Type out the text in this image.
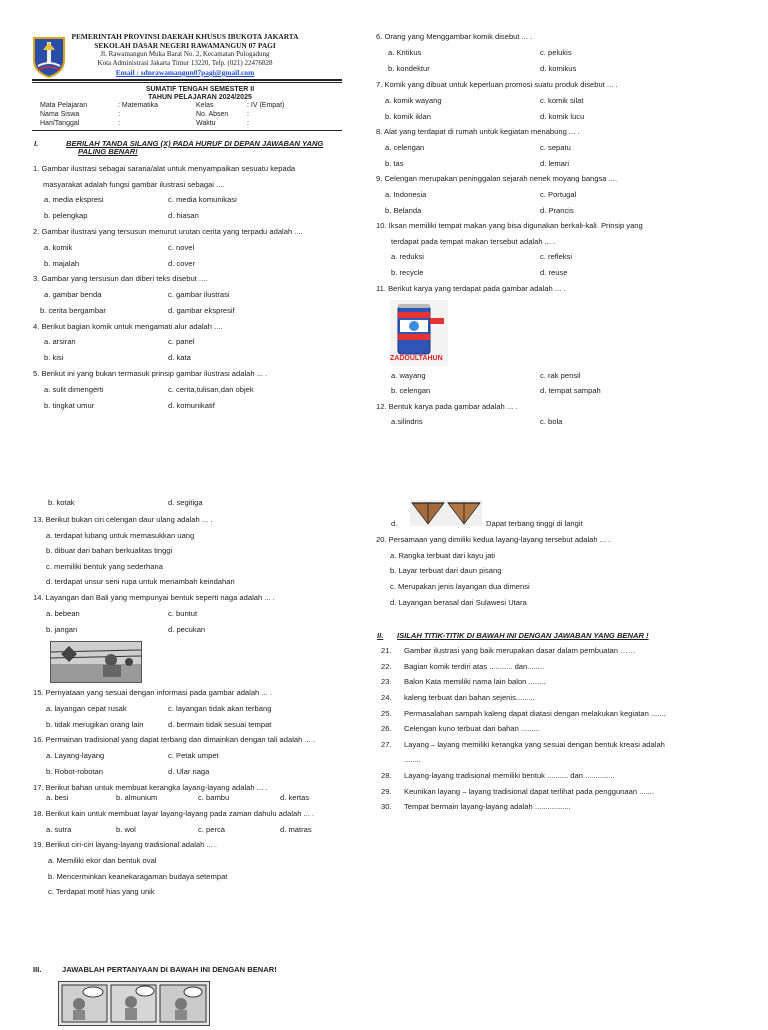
PEMERINTAH PROVINSI DAERAH KHUSUS IBUKOTA JAKARTA
SEKOLAH DASAR NEGERI RAWAMANGUN 07 PAGI
Jl. Rawamangun Muka Barat No. 2, Kecamatan Pulogadung
Kota Administrasi Jakarta Timur 13220, Telp. (021) 22476828
Email : sdnrawamangun07pagi@gmail.com
SUMATIF TENGAH SEMESTER II
TAHUN PELAJARAN 2024/2025
Mata Pelajaran	: Matematika	Kelas	: IV (Empat)
Nama Siswa	:	No. Absen	:
Hari/Tanggal	:	Waktu	:
I.	BERILAH TANDA SILANG (X) PADA HURUF DI DEPAN JAWABAN YANG
PALING BENAR!
1. Gambar ilustrasi sebagai sarana/alat untuk menyampaikan sesuatu kepada
masyarakat adalah fungsi gambar ilustrasi sebagai ....
a. media ekspresi	c. media komunikasi
b. pelengkap	d. hiasan
2. Gambar ilustrasi yang tersusun menurut urutan cerita yang terpadu adalah ....
a. komik	c. novel
b. majalah	d. cover
3. Gambar yang tersusun dan diberi teks disebut ....
a. gambar benda	c. gambar ilustrasi
b. cerita bergambar	d. gambar ekspresif
4. Berikut bagian komik untuk mengamati alur adalah ....
a. arsiran	c. panel
b. kisi	d. kata
5. Berikut ini yang bukan termasuk prinsip gambar ilustrasi adalah ... .
a. sulit dimengerti	c. cerita,tulisan,dan objek
b. tingkat umur	d. komunikatif
b. kotak	d. segitiga
13. Berikut bukan ciri celengan daur ulang adalah ... .
a. terdapat lubang untuk memasukkan uang
b. dibuat dari bahan berkualitas tinggi
c. memiliki bentuk yang sederhana
d. terdapat unsur seni rupa untuk menambah keindahan
14. Layangan dari Bali yang mempunyai bentuk seperti naga adalah ... .
a. bebean	c. buntut
b. jangan	d. pecukan
15. Pernyataan yang sesuai dengan informasi pada gambar adalah ... .
a. layangan cepat rusak	c. layangan tidak akan terbang
b. tidak merugikan orang lain	d. bermain tidak sesuai tempat
16. Permainan tradisional yang dapat terbang dan dimainkan dengan tali adalah ... .
a. Layang-layang	c. Petak umpet
b. Robot-robotan	d. Ular naga
17. Berikut bahan untuk membuat kerangka layang-layang adalah ... .
a. besi	b. almunium	c. bambu	d. kertas
18. Berikut kain untuk membuat layar layang-layang pada zaman dahulu adalah ... .
a. sutra	b. wol	c. perca	d. matras
19. Berikut ciri-ciri layang-layang tradisional adalah ... .
a. Memiliki ekor dan bentuk oval
b. Mencerminkan keanekaragaman budaya setempat
c. Terdapat motif hias yang unik
III.	JAWABLAH PERTANYAAN DI BAWAH INI DENGAN BENAR!
6. Orang yang Menggambar komik disebut ... .
a. Kritikus	c. pelukis
b. kondektur	d. komikus
7. Komik yang dibuat untuk keperluan promosi suatu produk disebut ... .
a. komik wayang	c. komik silat
b. komik iklan	d. komik lucu
8. Alat yang terdapat di rumah untuk kegiatan menabung ... .
a. celengan	c. sepatu
b. tas	d. lemari
9. Celengan merupakan peninggalan sejarah nenek moyang bangsa ....
a. Indonesia	c. Portugal
b. Belanda	d. Prancis
10. Iksan memiliki tempat makan yang bisa digunakan berkali-kali. Prinsip yang
terdapat pada tempat makan tersebut adalah ... .
a. reduksi	c. refleksi
b. recycle	d. reuse
11. Berikut karya yang terdapat pada gambar adalah ... .
ZADOULTAHUN
a. wayang	c. rak pensil
b. celengan	d. tempat sampah
12. Bentuk karya pada gambar adalah ... .
a.silindris	c. bola
d.	Dapat terbang tinggi di langit
20. Persamaan yang dimiliki kedua layang-layang tersebut adalah ... .
a. Rangka terbuat dari kayu jati
b. Layar terbuat dari daun pisang
c. Merupakan jenis layangan dua dimensi
d. Layangan berasal dari Sulawesi Utara
II. ISILAH TITIK-TITIK DI BAWAH INI DENGAN JAWABAN YANG BENAR !
21. Gambar ilustrasi yang baik merupakan dasar dalam pembuatan ……
22. Bagian komik terdiri atas ........... dan........
23. Balon Kata memiliki nama lain balon ........
24. kaleng terbuat dari bahan sejenis.........
25. Permasalahan sampah kaleng dapat diatasi dengan melakukan kegiatan .......
26. Celengan kuno terbuat dari bahan .........
27. Layang – layang memiliki kerangka yang sesuai dengan bentuk kreasi adalah
........
28. Layang-layang tradisional memiliki bentuk .......... dan ..............
29. Keunikan layang – layang tradisional dapat terlihat pada penggunaan .......
30. Tempat bermain layang-layang adalah .................
